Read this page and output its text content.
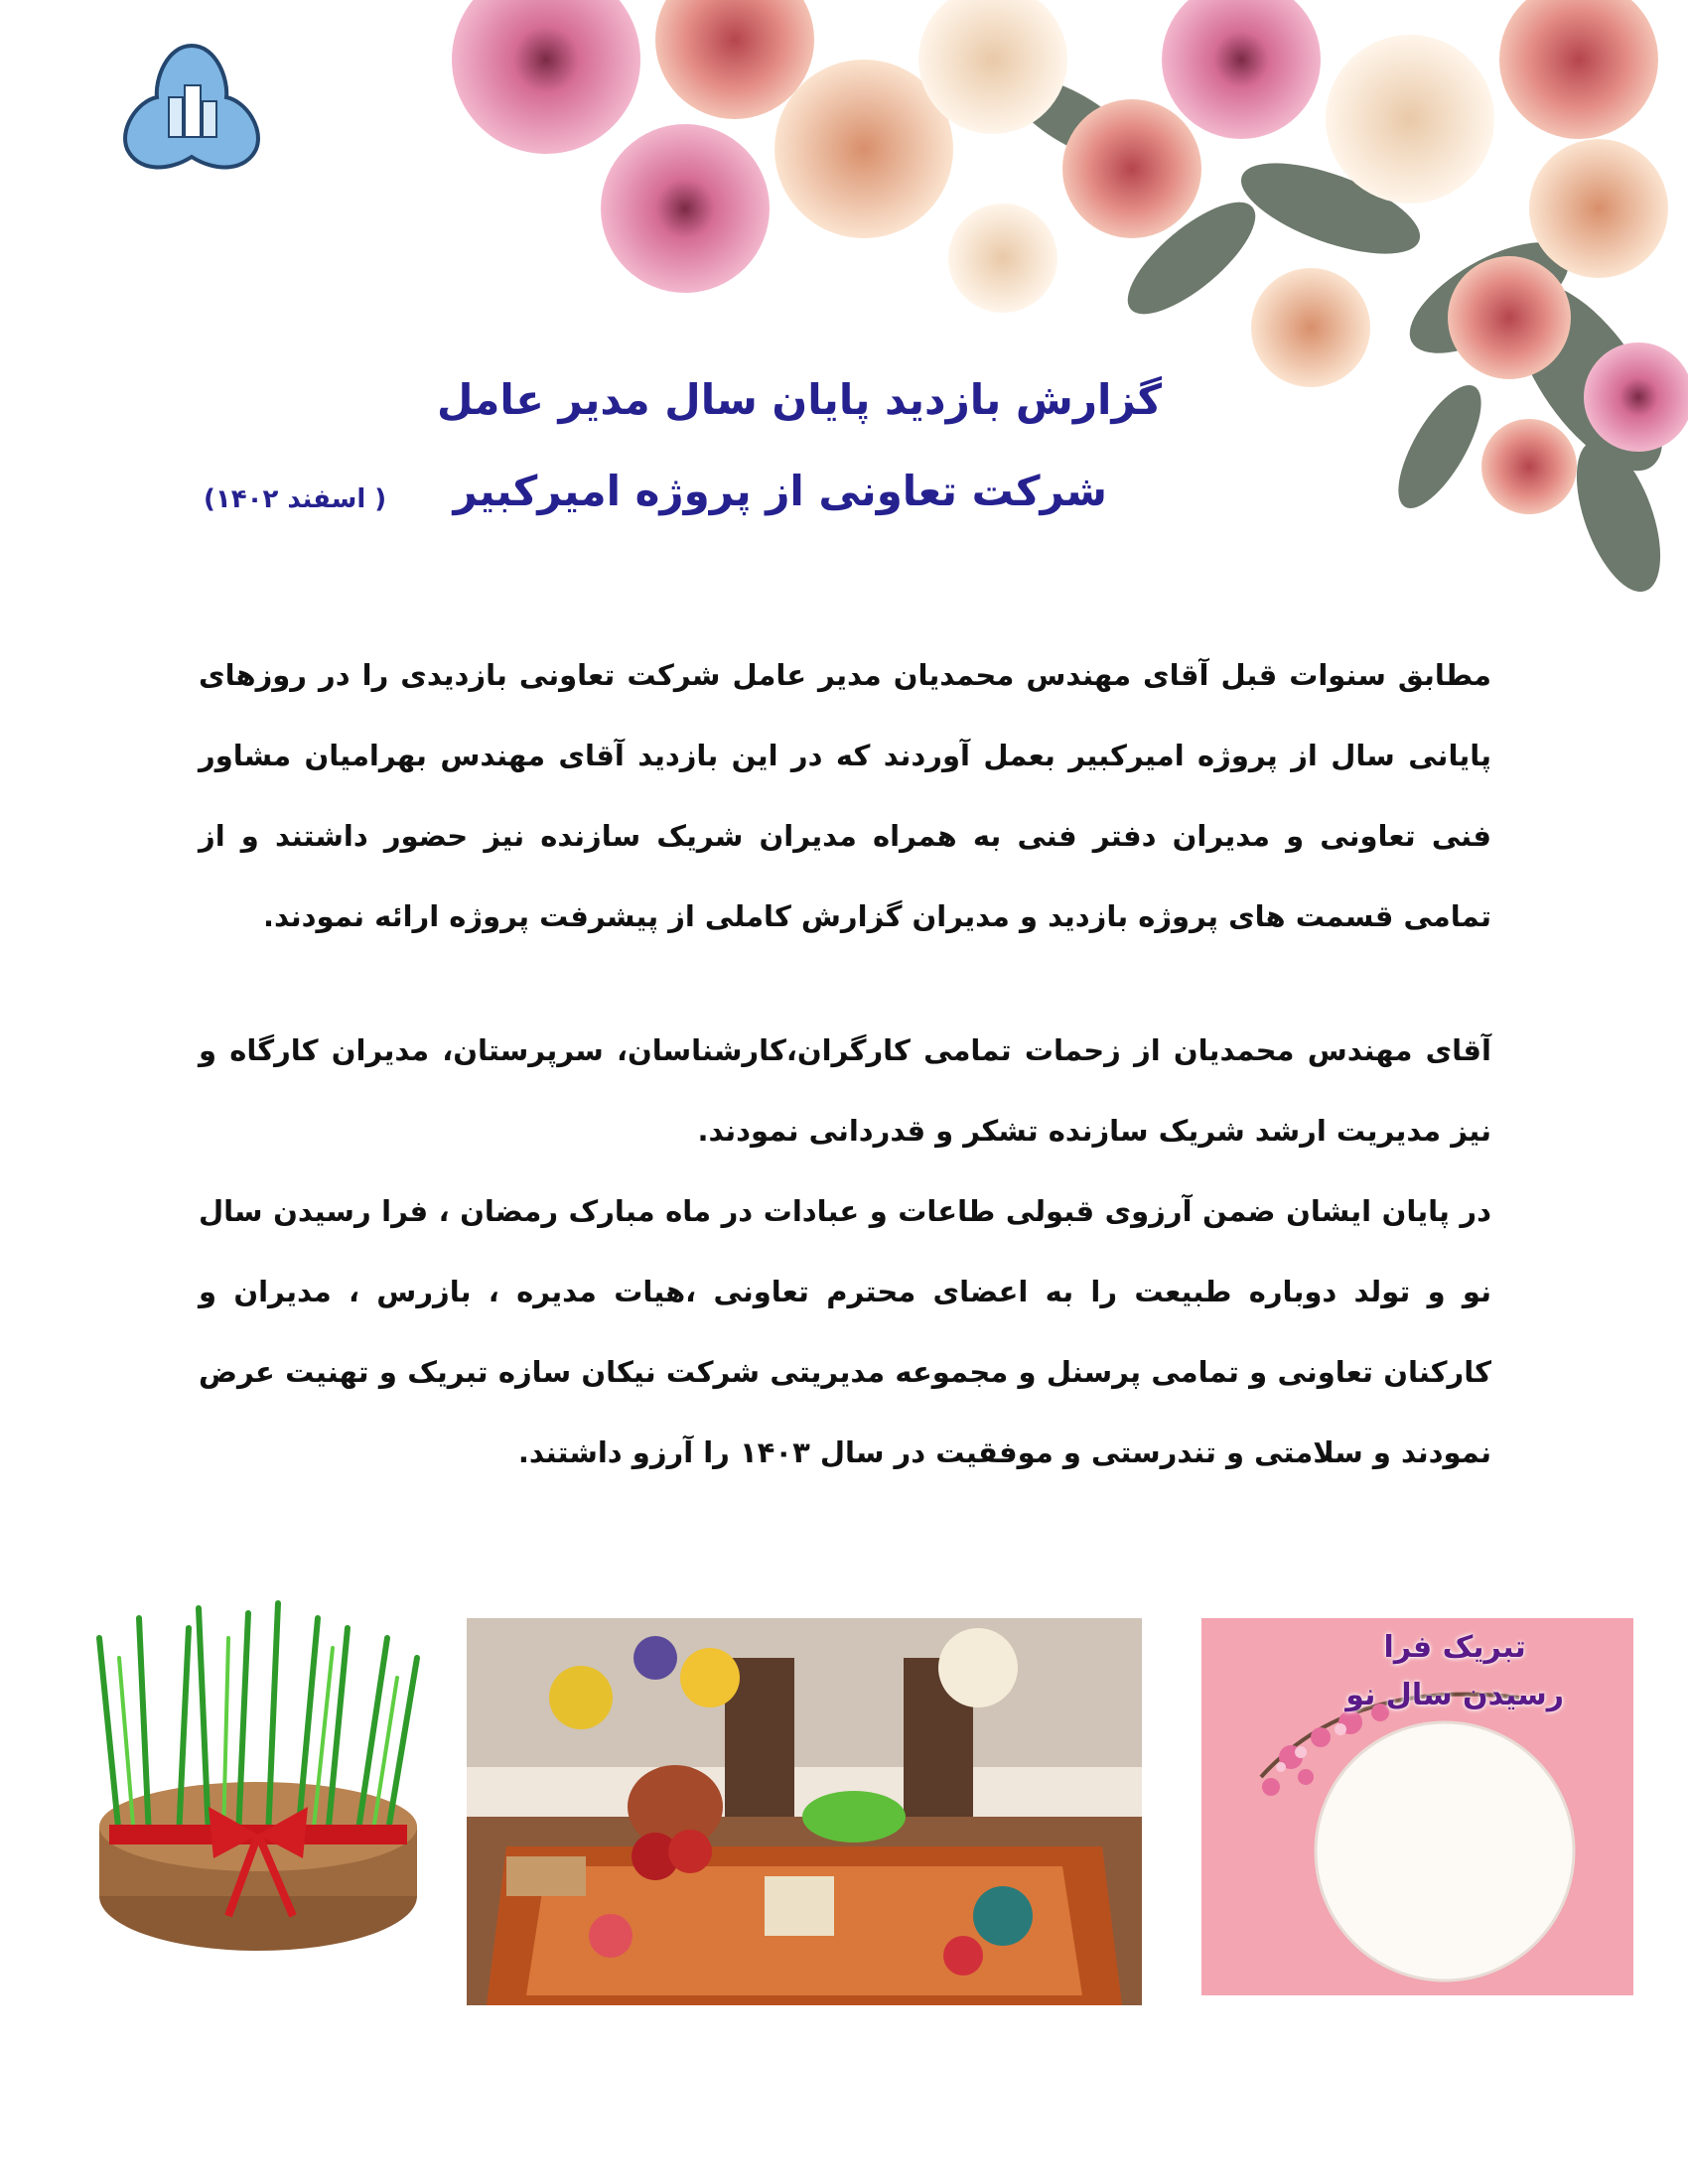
گزارش بازدید پایان سال مدیر عامل
شرکت تعاونی از پروژه امیرکبیر
( اسفند ۱۴۰۲)
مطابق سنوات قبل آقای مهندس محمدیان مدیر عامل شرکت تعاونی بازدیدی را در روزهای پایانی سال از پروژه امیرکبیر بعمل آوردند که در این بازدید آقای مهندس بهرامیان مشاور فنی تعاونی و مدیران دفتر فنی به همراه مدیران شریک سازنده نیز حضور داشتند و از تمامی قسمت های پروژه بازدید و مدیران گزارش کاملی از پیشرفت پروژه ارائه نمودند.
آقای مهندس محمدیان از زحمات تمامی کارگران،کارشناسان، سرپرستان، مدیران کارگاه و نیز مدیریت ارشد شریک سازنده تشکر و قدردانی نمودند.
در پایان ایشان ضمن آرزوی قبولی طاعات و عبادات در ماه مبارک رمضان ، فرا رسیدن سال نو و تولد دوباره طبیعت را به اعضای محترم تعاونی ،هیات مدیره ، بازرس ، مدیران و کارکنان تعاونی و تمامی پرسنل و مجموعه مدیریتی شرکت نیکان سازه تبریک و تهنیت عرض نمودند و سلامتی و تندرستی و موفقیت در سال ۱۴۰۳ را آرزو داشتند.
تبریک فرا
رسیدن سال نو
